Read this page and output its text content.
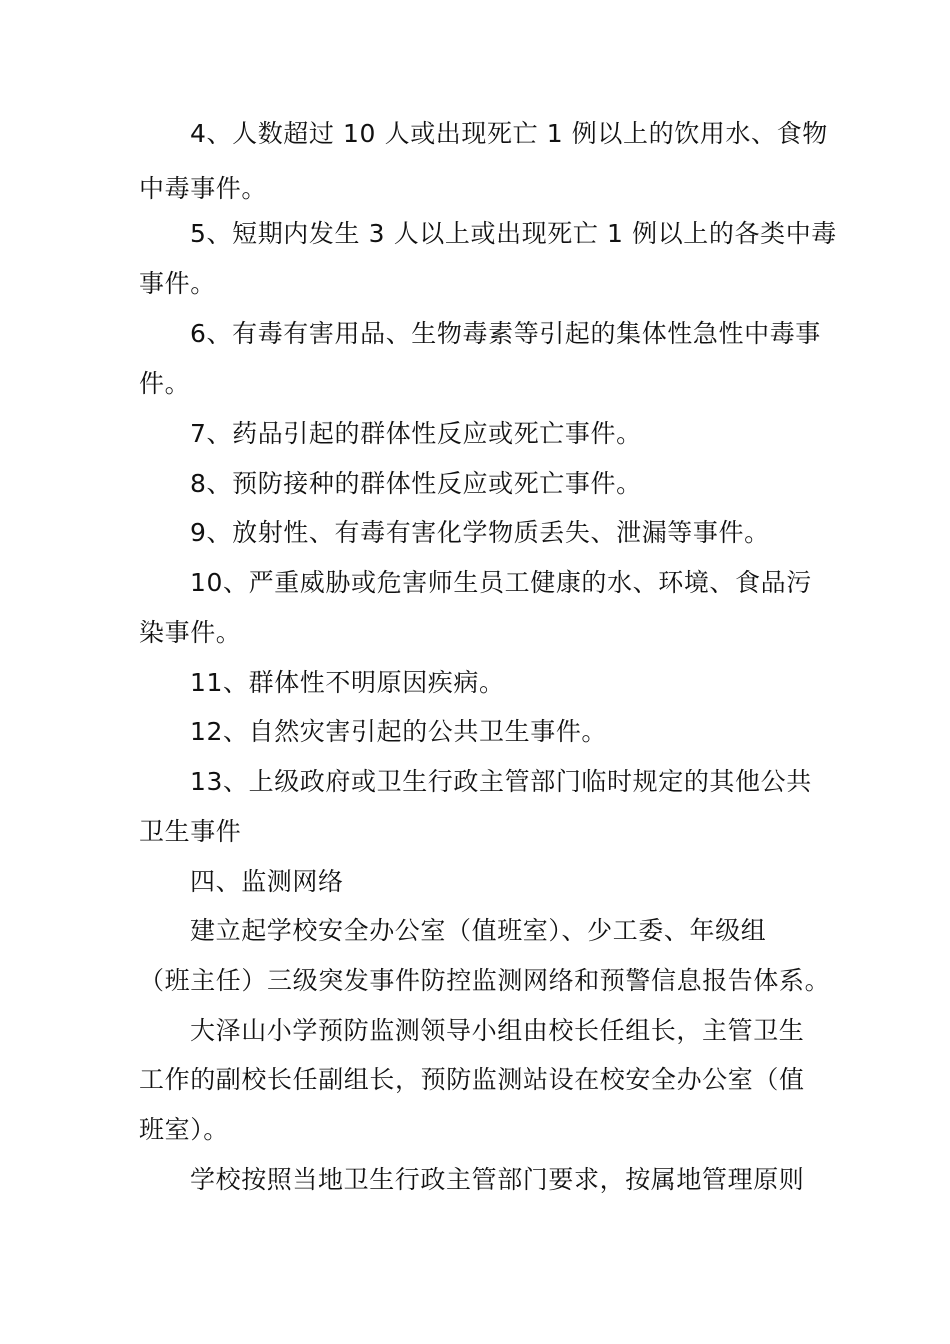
4、人数超过 10 人或出现死亡 1 例以上的饮用水、食物
中毒事件。
5、短期内发生 3 人以上或出现死亡 1 例以上的各类中毒
事件。
6、有毒有害用品、生物毒素等引起的集体性急性中毒事
件。
7、药品引起的群体性反应或死亡事件。
8、预防接种的群体性反应或死亡事件。
9、放射性、有毒有害化学物质丢失、泄漏等事件。
10、严重威胁或危害师生员工健康的水、环境、食品污
染事件。
11、群体性不明原因疾病。
12、自然灾害引起的公共卫生事件。
13、上级政府或卫生行政主管部门临时规定的其他公共
卫生事件
四、监测网络
建立起学校安全办公室（值班室）、少工委、年级组
（班主任）三级突发事件防控监测网络和预警信息报告体系。
大泽山小学预防监测领导小组由校长任组长，主管卫生
工作的副校长任副组长，预防监测站设在校安全办公室（值
班室）。
学校按照当地卫生行政主管部门要求，按属地管理原则
